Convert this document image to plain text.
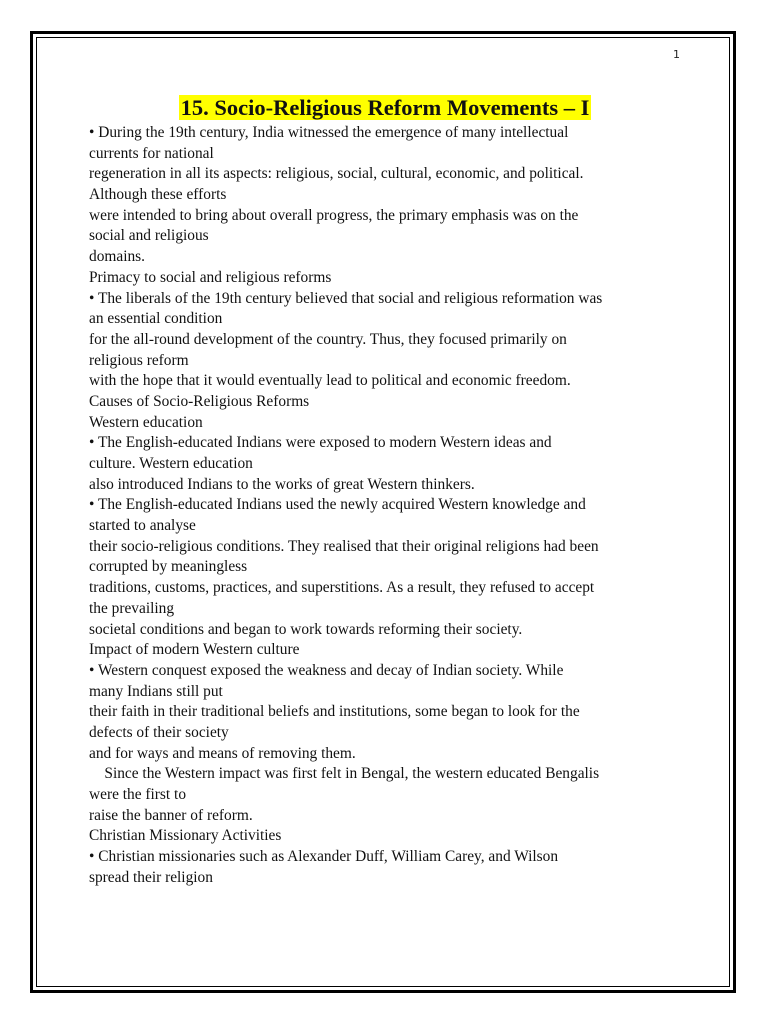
1
15. Socio-Religious Reform Movements – I
• During the 19th century, India witnessed the emergence of many intellectual
currents for national
regeneration in all its aspects: religious, social, cultural, economic, and political.
Although these efforts
were intended to bring about overall progress, the primary emphasis was on the
social and religious
domains.
Primacy to social and religious reforms
• The liberals of the 19th century believed that social and religious reformation was
an essential condition
for the all-round development of the country. Thus, they focused primarily on
religious reform
with the hope that it would eventually lead to political and economic freedom.
Causes of Socio-Religious Reforms
Western education
• The English-educated Indians were exposed to modern Western ideas and
culture. Western education
also introduced Indians to the works of great Western thinkers.
• The English-educated Indians used the newly acquired Western knowledge and
started to analyse
their socio-religious conditions. They realised that their original religions had been
corrupted by meaningless
traditions, customs, practices, and superstitions. As a result, they refused to accept
the prevailing
societal conditions and began to work towards reforming their society.
Impact of modern Western culture
• Western conquest exposed the weakness and decay of Indian society. While
many Indians still put
their faith in their traditional beliefs and institutions, some began to look for the
defects of their society
and for ways and means of removing them.
Since the Western impact was first felt in Bengal, the western educated Bengalis
were the first to
raise the banner of reform.
Christian Missionary Activities
• Christian missionaries such as Alexander Duff, William Carey, and Wilson
spread their religion
